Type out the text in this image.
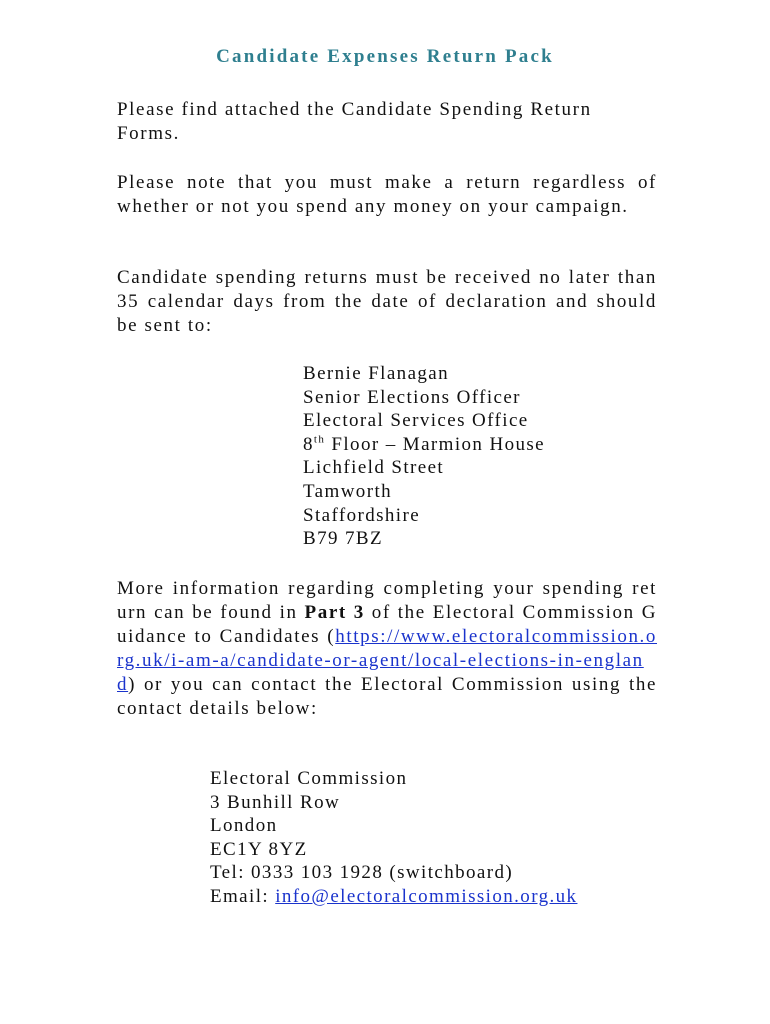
Candidate Expenses Return Pack

Please find attached the Candidate Spending Return Forms.

Please note that you must make a return regardless of whether or not you spend any money on your campaign.

Candidate spending returns must be received no later than 35 calendar days from the date of declaration and should be sent to:

Bernie Flanagan
Senior Elections Officer
Electoral Services Office
8th Floor – Marmion House
Lichfield Street
Tamworth
Staffordshire
B79 7BZ

More information regarding completing your spending return can be found in Part 3 of the Electoral Commission Guidance to Candidates (https://www.electoralcommission.org.uk/i-am-a/candidate-or-agent/local-elections-in-england) or you can contact the Electoral Commission using the contact details below:

Electoral Commission
3 Bunhill Row
London
EC1Y 8YZ
Tel: 0333 103 1928 (switchboard)
Email: info@electoralcommission.org.uk
